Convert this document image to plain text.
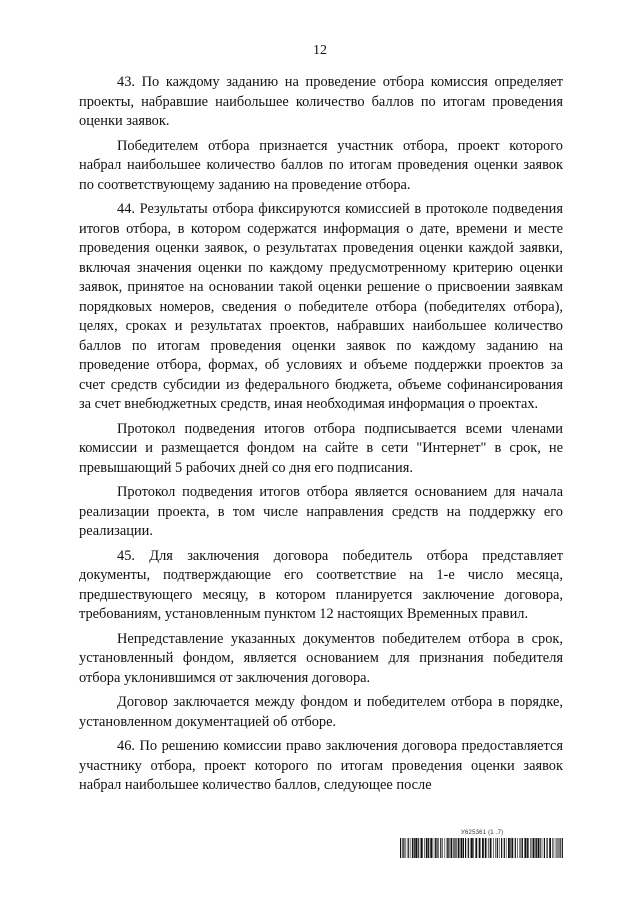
12

43. По каждому заданию на проведение отбора комиссия определяет проекты, набравшие наибольшее количество баллов по итогам проведения оценки заявок.

Победителем отбора признается участник отбора, проект которого набрал наибольшее количество баллов по итогам проведения оценки заявок по соответствующему заданию на проведение отбора.

44. Результаты отбора фиксируются комиссией в протоколе подведения итогов отбора, в котором содержатся информация о дате, времени и месте проведения оценки заявок, о результатах проведения оценки каждой заявки, включая значения оценки по каждому предусмотренному критерию оценки заявок, принятое на основании такой оценки решение о присвоении заявкам порядковых номеров, сведения о победителе отбора (победителях отбора), целях, сроках и результатах проектов, набравших наибольшее количество баллов по итогам проведения оценки заявок по каждому заданию на проведение отбора, формах, об условиях и объеме поддержки проектов за счет средств субсидии из федерального бюджета, объеме софинансирования за счет внебюджетных средств, иная необходимая информация о проектах.

Протокол подведения итогов отбора подписывается всеми членами комиссии и размещается фондом на сайте в сети "Интернет" в срок, не превышающий 5 рабочих дней со дня его подписания.

Протокол подведения итогов отбора является основанием для начала реализации проекта, в том числе направления средств на поддержку его реализации.

45. Для заключения договора победитель отбора представляет документы, подтверждающие его соответствие на 1-е число месяца, предшествующего месяцу, в котором планируется заключение договора, требованиям, установленным пунктом 12 настоящих Временных правил.

Непредставление указанных документов победителем отбора в срок, установленный фондом, является основанием для признания победителя отбора уклонившимся от заключения договора.

Договор заключается между фондом и победителем отбора в порядке, установленном документацией об отборе.

46. По решению комиссии право заключения договора предоставляется участнику отбора, проект которого по итогам проведения оценки заявок набрал наибольшее количество баллов, следующее после

У625361 (1 .7)
